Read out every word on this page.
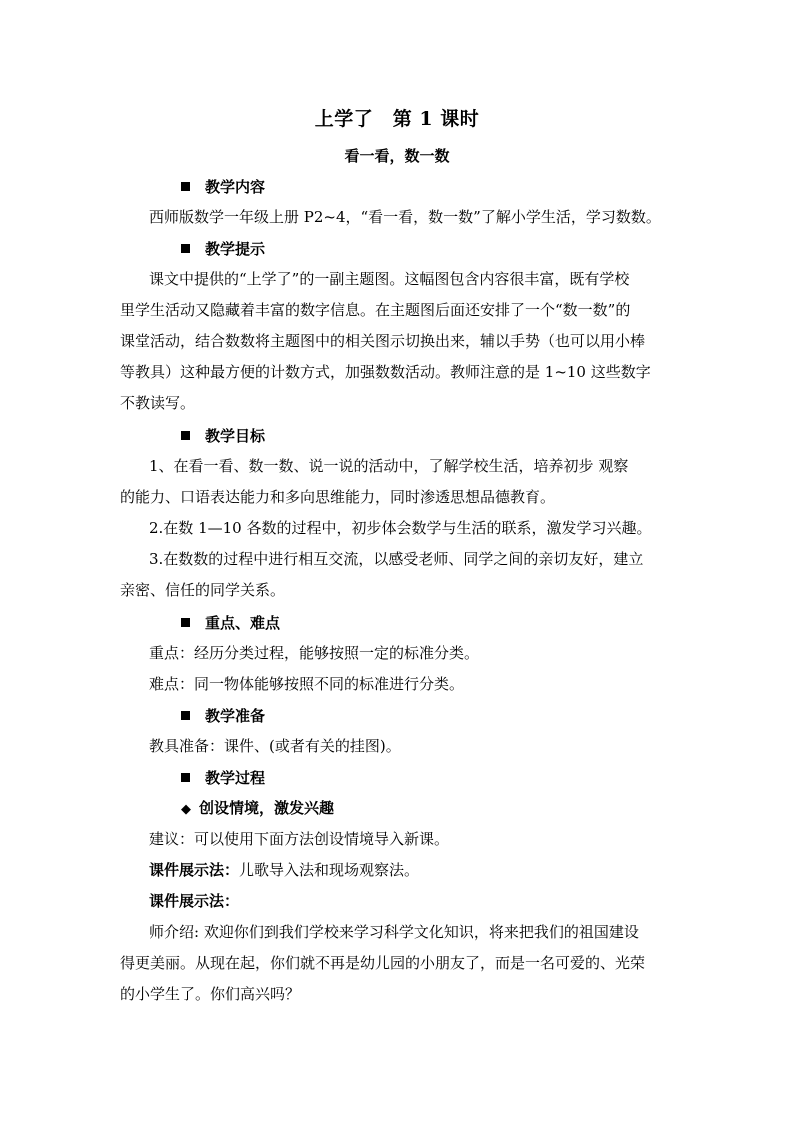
上学了　第 1 课时
看一看，数一数
教学内容
西师版数学一年级上册 P2~4，“看一看，数一数”了解小学生活，学习数数。
教学提示
课文中提供的“上学了”的一副主题图。这幅图包含内容很丰富，既有学校
里学生活动又隐藏着丰富的数字信息。在主题图后面还安排了一个“数一数”的
课堂活动，结合数数将主题图中的相关图示切换出来，辅以手势（也可以用小棒
等教具）这种最方便的计数方式，加强数数活动。教师注意的是 1~10 这些数字
不教读写。
教学目标
1、在看一看、数一数、说一说的活动中，了解学校生活，培养初步 观察
的能力、口语表达能力和多向思维能力，同时渗透思想品德教育。
2.在数 1—10 各数的过程中，初步体会数学与生活的联系，激发学习兴趣。
3.在数数的过程中进行相互交流，以感受老师、同学之间的亲切友好，建立
亲密、信任的同学关系。
重点、难点
重点：经历分类过程，能够按照一定的标准分类。
难点：同一物体能够按照不同的标准进行分类。
教学准备
教具准备：课件、(或者有关的挂图)。
教学过程
◆ 创设情境，激发兴趣
建议：可以使用下面方法创设情境导入新课。
课件展示法：儿歌导入法和现场观察法。
课件展示法：
师介绍: 欢迎你们到我们学校来学习科学文化知识，将来把我们的祖国建设
得更美丽。从现在起，你们就不再是幼儿园的小朋友了，而是一名可爱的、光荣
的小学生了。你们高兴吗？
